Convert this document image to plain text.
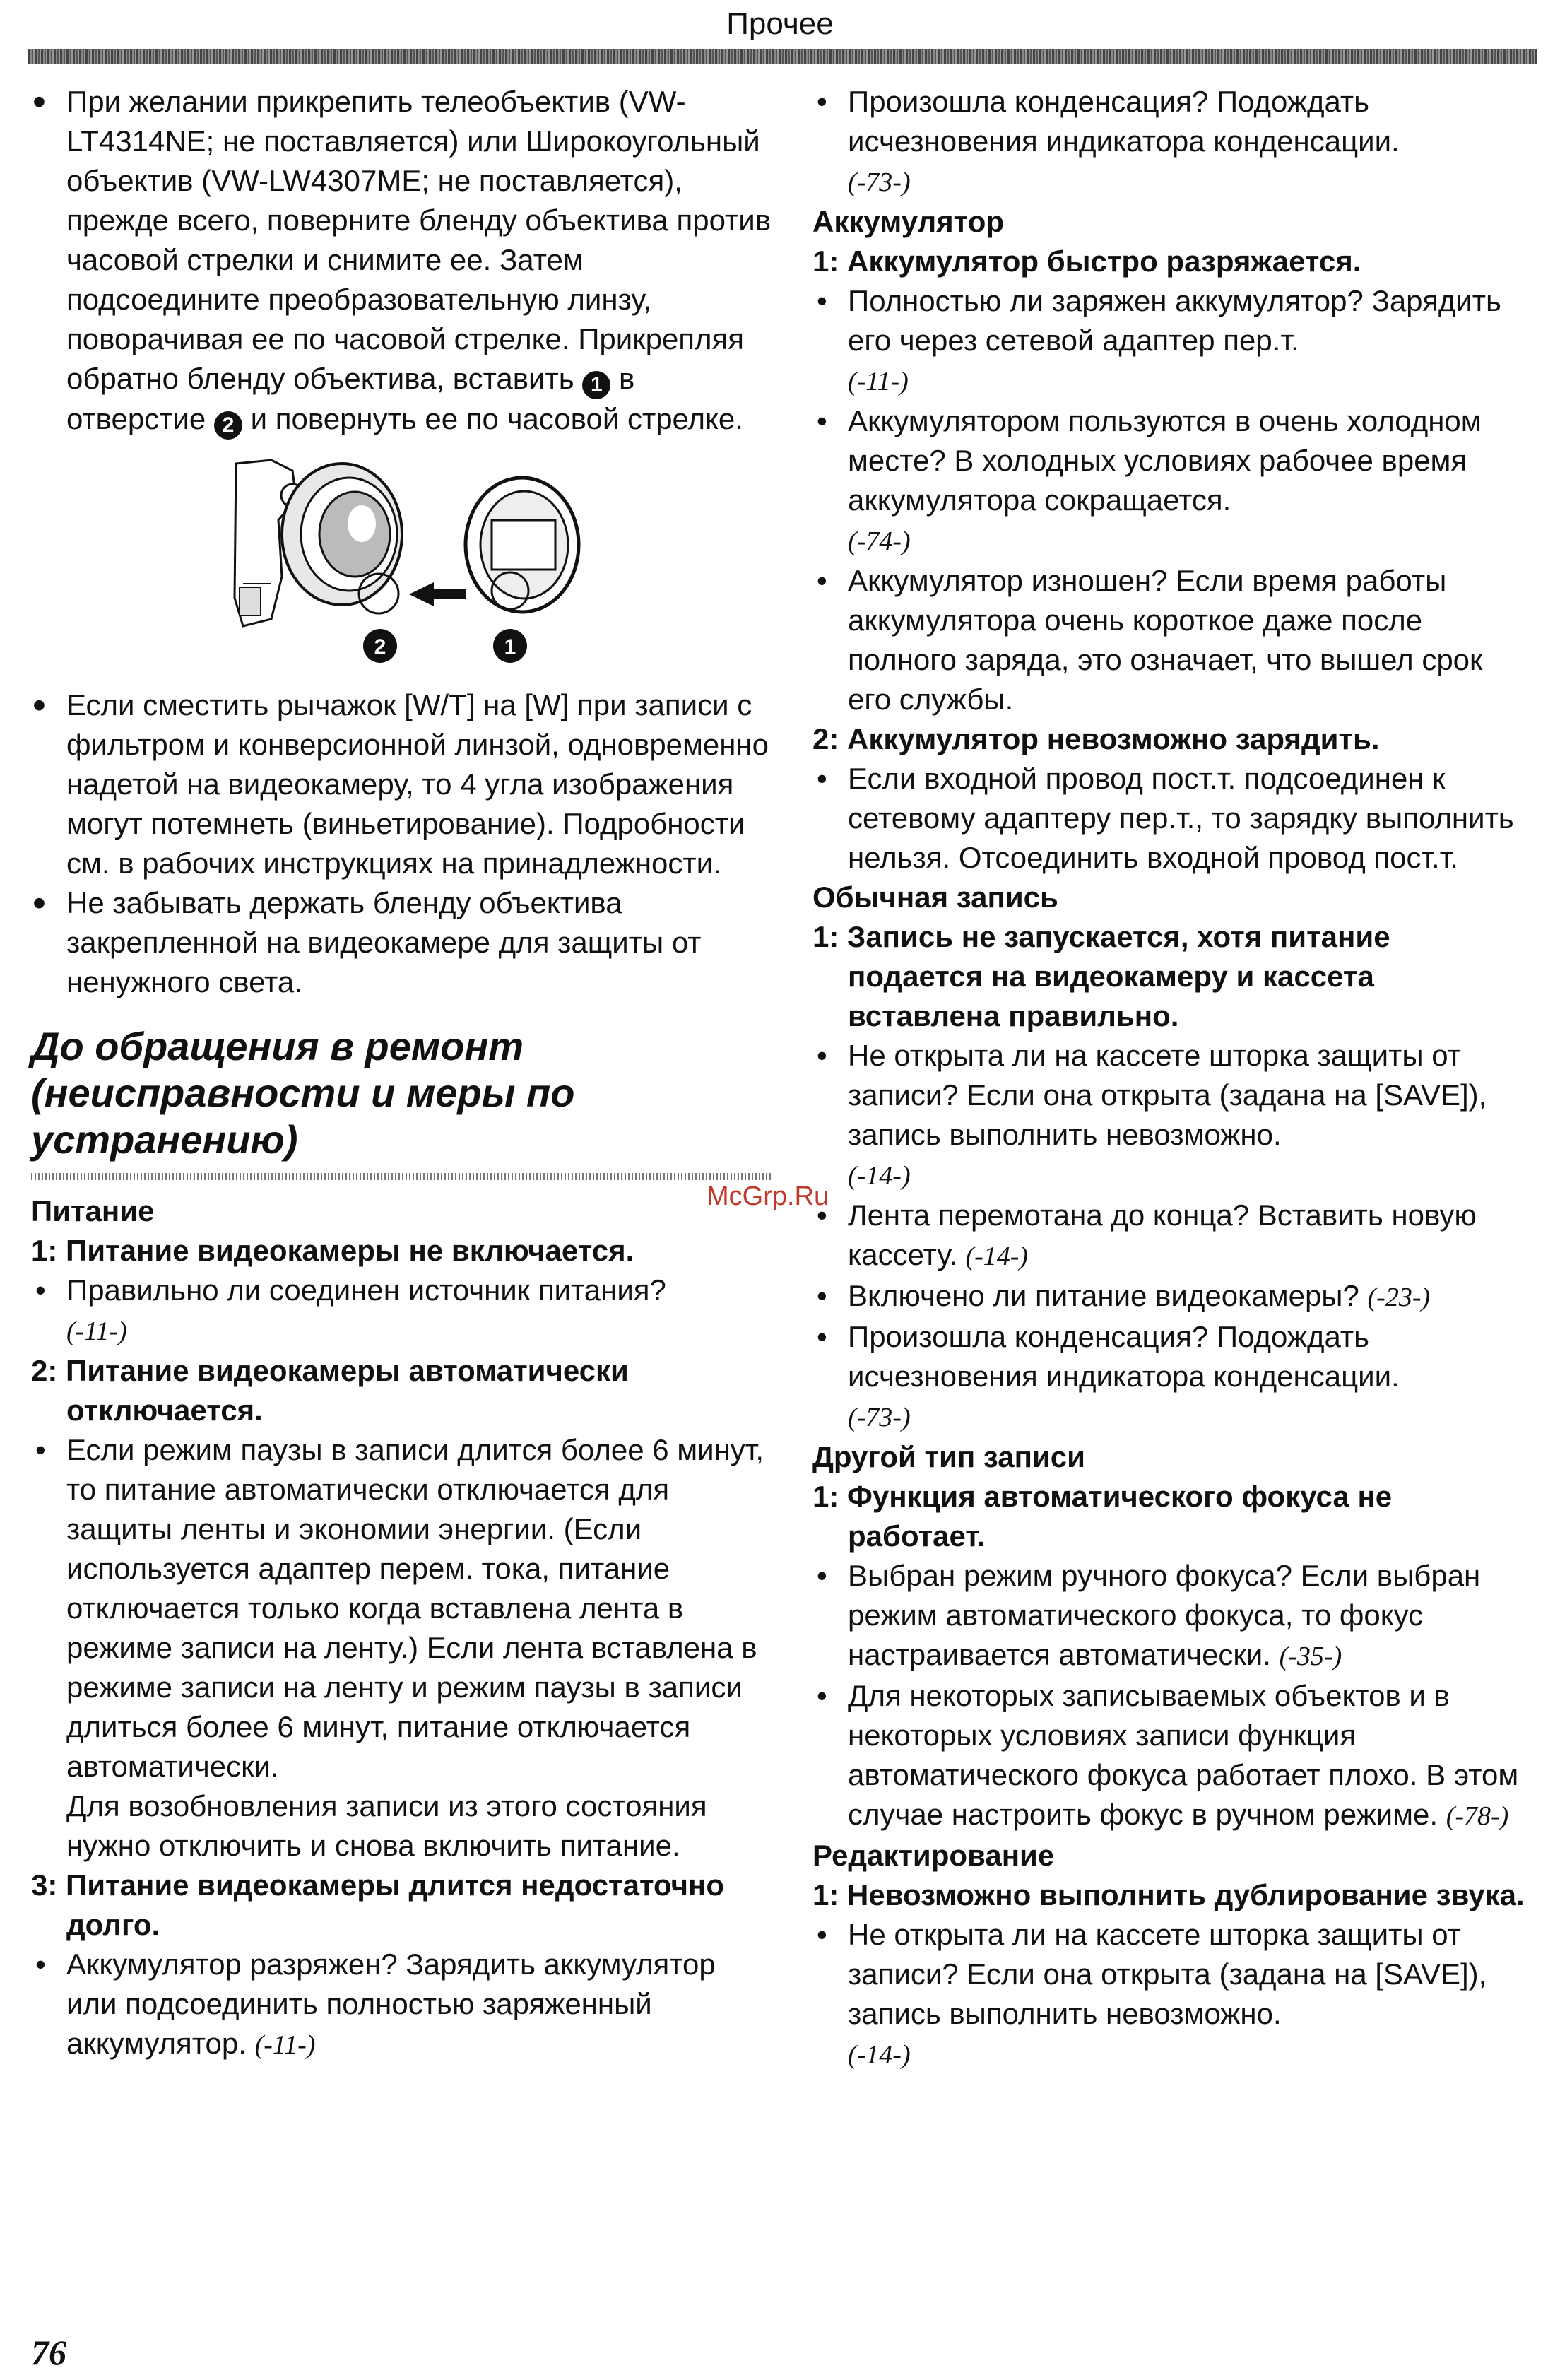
Прочее

• При желании прикрепить телеобъектив (VW-LT4314NE; не поставляется) или Широкоугольный объектив (VW-LW4307ME; не поставляется), прежде всего, поверните бленду объектива против часовой стрелки и снимите ее. Затем подсоедините преобразовательную линзу, поворачивая ее по часовой стрелке. Прикрепляя обратно бленду объектива, вставить 1 в отверстие 2 и повернуть ее по часовой стрелке.

2	1

• Если сместить рычажок [W/T] на [W] при записи с фильтром и конверсионной линзой, одновременно надетой на видеокамеру, то 4 угла изображения могут потемнеть (виньетирование). Подробности см. в рабочих инструкциях на принадлежности.

• Не забывать держать бленду объектива закрепленной на видеокамере для защиты от ненужного света.

До обращения в ремонт
(неисправности и меры по
устранению)

Питание

1: Питание видеокамеры не включается.

• Правильно ли соединен источник питания?
(-11-)

2: Питание видеокамеры автоматически отключается.

• Если режим паузы в записи длится более 6 минут, то питание автоматически отключается для защиты ленты и экономии энергии. (Если используется адаптер перем. тока, питание отключается только когда вставлена лента в режиме записи на ленту.) Если лента вставлена в режиме записи на ленту и режим паузы в записи длиться более 6 минут, питание отключается автоматически.

Для возобновления записи из этого состояния нужно отключить и снова включить питание.

3: Питание видеокамеры длится недостаточно долго.

• Аккумулятор разряжен? Зарядить аккумулятор или подсоединить полностью заряженный аккумулятор. (-11-)

• Произошла конденсация? Подождать исчезновения индикатора конденсации.
(-73-)

Аккумулятор

1: Аккумулятор быстро разряжается.

• Полностью ли заряжен аккумулятор? Зарядить его через сетевой адаптер пер.т.
(-11-)

• Аккумулятором пользуются в очень холодном месте? В холодных условиях рабочее время аккумулятора сокращается.
(-74-)

• Аккумулятор изношен? Если время работы аккумулятора очень короткое даже после полного заряда, это означает, что вышел срок его службы.

2: Аккумулятор невозможно зарядить.

• Если входной провод пост.т. подсоединен к сетевому адаптеру пер.т., то зарядку выполнить нельзя. Отсоединить входной провод пост.т.

Обычная запись

1: Запись не запускается, хотя питание подается на видеокамеру и кассета вставлена правильно.

• Не открыта ли на кассете шторка защиты от записи? Если она открыта (задана на [SAVE]), запись выполнить невозможно.
(-14-)

• Лента перемотана до конца? Вставить новую кассету. (-14-)

• Включено ли питание видеокамеры? (-23-)

• Произошла конденсация? Подождать исчезновения индикатора конденсации.
(-73-)

Другой тип записи

1: Функция автоматического фокуса не работает.

• Выбран режим ручного фокуса? Если выбран режим автоматического фокуса, то фокус настраивается автоматически. (-35-)

• Для некоторых записываемых объектов и в некоторых условиях записи функция автоматического фокуса работает плохо. В этом случае настроить фокус в ручном режиме. (-78-)

Редактирование

1: Невозможно выполнить дублирование звука.

• Не открыта ли на кассете шторка защиты от записи? Если она открыта (задана на [SAVE]), запись выполнить невозможно.
(-14-)

McGrp.Ru
76
